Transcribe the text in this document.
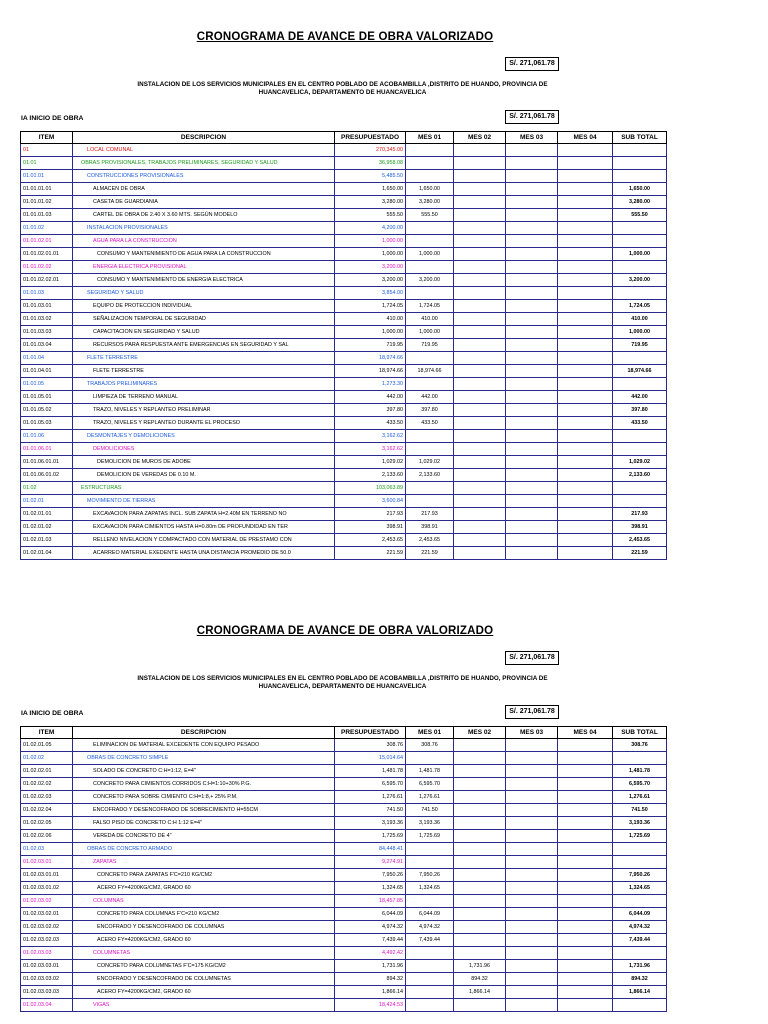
CRONOGRAMA DE AVANCE DE OBRA VALORIZADO
S/. 271,061.78
INSTALACION DE LOS SERVICIOS MUNICIPALES EN EL CENTRO POBLADO DE ACOBAMBILLA ,DISTRITO DE HUANDO, PROVINCIA DE
HUANCAVELICA, DEPARTAMENTO DE HUANCAVELICA
IA INICIO DE OBRA	S/. 271,061.78
ITEM	DESCRIPCION	PRESUPUESTADO	MES 01	MES 02	MES 03	MES 04	SUB TOTAL
01	LOCAL COMUNAL	270,345.00					
01.01	OBRAS PROVISIONALES, TRABAJOS PRELIMINARES, SEGURIDAD Y SALUD	36,958.08					
01.01.01	CONSTRUCCIONES PROVISIONALES	5,485.50					
01.01.01.01	ALMACEN DE OBRA	1,650.00	1,650.00				1,650.00
01.01.01.02	CASETA DE GUARDIANIA	3,280.00	3,280.00				3,280.00
01.01.01.03	CARTEL DE OBRA DE 2.40 X 3.60 MTS. SEGÚN MODELO	555.50	555.50				555.50
01.01.02	INSTALACION PROVISIONALES	4,200.00					
01.01.02.01	AGUA PARA LA CONSTRUCCION	1,000.00					
01.01.02.01.01	CONSUMO Y MANTENIMIENTO DE AGUA PARA LA CONSTRUCCION	1,000.00	1,000.00				1,000.00
01.01.02.02	ENERGIA ELECTRICA PROVISIONAL	3,200.00					
01.01.02.02.01	CONSUMO Y MANTENIMIENTO DE ENERGIA ELECTRICA	3,200.00	3,200.00				3,200.00
01.01.03	SEGURIDAD Y SALUD	3,854.00					
01.01.03.01	EQUIPO DE PROTECCION INDIVIDUAL	1,724.05	1,724.05				1,724.05
01.01.03.02	SEÑALIZACION TEMPORAL DE SEGURIDAD	410.00	410.00				410.00
01.01.03.03	CAPACITACION EN SEGURIDAD Y SALUD	1,000.00	1,000.00				1,000.00
01.01.03.04	RECURSOS PARA RESPUESTA ANTE EMERGENCIAS EN SEGURIDAD Y SAL	719.95	719.95				719.95
01.01.04	FLETE TERRESTRE	18,974.66					
01.01.04.01	FLETE TERRESTRE	18,974.66	18,974.66				18,974.66
01.01.05	TRABAJOS PRELIMINARES	1,273.30					
01.01.05.01	LIMPIEZA DE TERRENO MANUAL	442.00	442.00				442.00
01.01.05.02	TRAZO, NIVELES Y REPLANTEO PRELIMINAR	397.80	397.80				397.80
01.01.05.03	TRAZO, NIVELES Y REPLANTEO DURANTE EL PROCESO	433.50	433.50				433.50
01.01.06	DESMONTAJES Y DEMOLICIONES	3,162.62					
01.01.06.01	DEMOLICIONES	3,162.62					
01.01.06.01.01	DEMOLICION DE MUROS DE ADOBE	1,029.02	1,029.02				1,029.02
01.01.06.01.02	DEMOLICION DE VEREDAS DE 0.10 M.	2,133.60	2,133.60				2,133.60
01.02	ESTRUCTURAS	103,063.89					
01.02.01	MOVIMIENTO DE TIERRAS	3,600.84					
01.02.01.01	EXCAVACION PARA ZAPATAS INCL. SUB ZAPATA H=2.40M EN TERRENO NO	217.93	217.93				217.93
01.02.01.02	EXCAVACION PARA CIMIENTOS HASTA H=0.80m DE PROFUNDIDAD EN TER	398.91	398.91				398.91
01.02.01.03	RELLENO NIVELACION Y COMPACTADO CON MATERIAL DE PRESTAMO CON	2,453.65	2,453.65				2,453.65
01.02.01.04	ACARREO MATERIAL EXEDENTE HASTA UNA DISTANCIA PROMEDIO DE 50.0	221.59	221.59				221.59
CRONOGRAMA DE AVANCE DE OBRA VALORIZADO
S/. 271,061.78
INSTALACION DE LOS SERVICIOS MUNICIPALES EN EL CENTRO POBLADO DE ACOBAMBILLA ,DISTRITO DE HUANDO, PROVINCIA DE
HUANCAVELICA, DEPARTAMENTO DE HUANCAVELICA
IA INICIO DE OBRA	S/. 271,061.78
ITEM	DESCRIPCION	PRESUPUESTADO	MES 01	MES 02	MES 03	MES 04	SUB TOTAL
01.02.01.05	ELIMINACION DE MATERIAL EXCEDENTE CON EQUIPO PESADO	308.76	308.76				308.76
01.02.02	OBRAS DE CONCRETO SIMPLE	15,014.64					
01.02.02.01	SOLADO DE CONCRETO C:H=1:12, E=4"	1,481.78	1,481.78				1,481.78
01.02.02.02	CONCRETO PARA CIMIENTOS CORRIDOS C:H=1:10+30% P.G.	6,595.70	6,595.70				6,595.70
01.02.02.03	CONCRETO PARA SOBRE CIMIENTO C:H=1:8,+ 25% P.M.	1,276.61	1,276.61				1,276.61
01.02.02.04	ENCOFRADO Y DESENCOFRADO DE SOBRECIMIENTO H=55CM	741.50	741.50				741.50
01.02.02.05	FALSO PISO DE CONCRETO C:H 1:12 E=4"	3,193.36	3,193.36				3,193.36
01.02.02.06	VEREDA DE CONCRETO DE 4"	1,725.69	1,725.69				1,725.69
01.02.03	OBRAS DE CONCRETO ARMADO	84,448.41					
01.02.03.01	ZAPATAS	9,274.91					
01.02.03.01.01	CONCRETO PARA ZAPATAS F'C=210 KG/CM2	7,950.26	7,950.26				7,950.26
01.02.03.01.02	ACERO FY=4200KG/CM2, GRADO 60	1,324.65	1,324.65				1,324.65
01.02.03.02	COLUMNAS	18,457.85					
01.02.03.02.01	CONCRETO PARA COLUMNAS F'C=210 KG/CM2	6,044.09	6,044.09				6,044.09
01.02.03.02.02	ENCOFRADO Y DESENCOFRADO DE COLUMNAS	4,974.32	4,974.32				4,974.32
01.02.03.02.03	ACERO FY=4200KG/CM2, GRADO 60	7,439.44	7,439.44				7,439.44
01.02.03.03	COLUMNETAS	4,492.42					
01.02.03.03.01	CONCRETO PARA COLUMNETAS F'C=175 KG/CM2	1,731.96		1,731.96			1,731.96
01.02.03.03.02	ENCOFRADO Y DESENCOFRADO DE COLUMNETAS	894.32		894.32			894.32
01.02.03.03.03	ACERO FY=4200KG/CM2, GRADO 60	1,866.14		1,866.14			1,866.14
01.02.03.04	VIGAS	18,424.53					
